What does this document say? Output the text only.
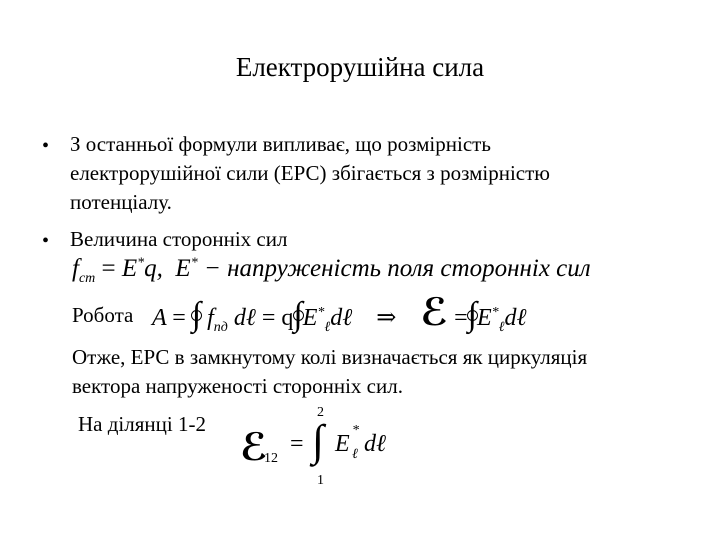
Електрорушійна сила
• З останньої формули випливає, що розмірність
електрорушійної сили (ЕРС) збігається з розмірністю
потенціалу.
• Величина сторонніх сил
$f_{ст} = E^*q$, E* − напруженість поля сторонніх сил
Робота A = ∫ $f_{пд}$ dℓ = $q\int E^*_\ell d\ell$ ⇒ ℰ $=\int E^*_\ell d\ell$
Отже, ЕРС в замкнутому колі визначається як циркуляція
вектора напруженості сторонніх сил.
На ділянці 1-2
ℰ
12
=
2
∫
1
E
*
ℓ dℓ
